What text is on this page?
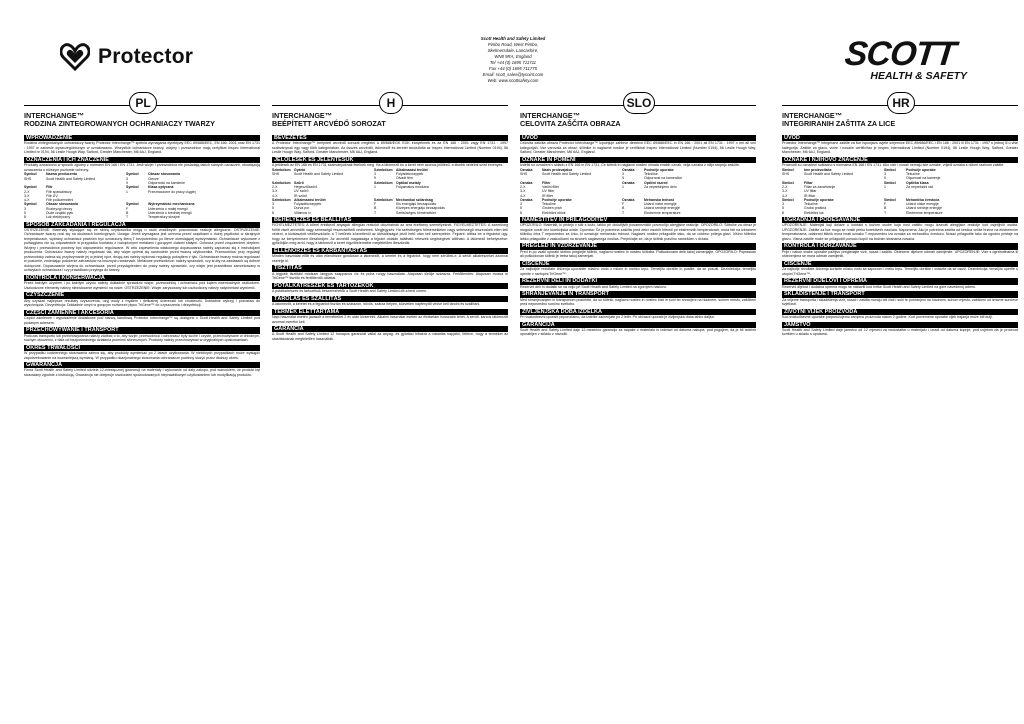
Protector
Scott Health and Safety Limited
Pimbo Road, West Pimbo,
Skelmersdale, Lancashire,
WN8 9RA, England
Tel +44 (0) 1695 711711
Fax +44 (0) 1695 711775
Email: scott_sales@tycoint.com
Web: www.scottsafety.com
SCOTT
HEALTH & SAFETY
PL
INTERCHANGE™
RODZINA ZINTEGROWANYCH OCHRANIACZY TWARZY
WPROWADZENIE
Rodzina zintegrowanych ochraniaczy twarzy Protector Interchange™ spełnia wymagania dyrektywy EEC 89/686/EEC, EN 166: 2001 oraz EN 1731 : 1997 w zakresie wyszczególnionym w oznakowaniu. Wszystkie ochraniacze twarzy, wizjery i przewodnice mają certyfikat Inspec International Limited nr 0194, 56 Leslie Hough Way, Salford, Greater Manchester, M6 6AJ, England.
OZNACZENIA I ICH ZNACZENIE
Produkty oznaczono w sposób zgodny z normami EN 166 i EN 1731. Jeśli wizjer i przewodnica nie posiadają takich samych oznaczeń, obowiązują oznaczenia o niższym poziomie ochrony.
Symbol	Nazwa producenta	Symbol	Obszar stosowania
SHS	Scott Health and Safety Limited	3	Ciecze
9	Odporność na kamienie
Symbol	Filtr	Symbol	Klasa optyczna
2-X	Filtr spawalniczy	1	Przeznaczone do pracy ciągłej
3-X	Filtr UV
4-X	Filtr podczerwieni
Symbol	Obszar stosowania	Symbol	Wytrzymałość mechaniczna
3	Rozbryzgi cieczy	F	Uderzenia o małej energii
5	Duże cząstki pyłu	B	Uderzenia o średniej energii
8	Łuk elektryczny	T	Temperatury skrajne
SPOSÓB ZAKŁADANIA I REGULACJA
OSTRZEŻENIE: Materiały stykające się ze skórą użytkownika mogą u osób wrażliwych powodować reakcje alergiczne. OSTRZEŻENIE: Ochraniacze twarzy nosi się na okularach korekcyjnych. Uwaga: Jeżeli wymagana jest ochrona przed cząstkami o dużej prędkości w skrajnych temperaturach, wybrany ochraniacz powinien być oznaczony literą T bezpośrednio po literze określającej wytrzymałość. Ochraniacze wykonane z poliwęglanu nie są odpowiednie w przypadku kontaktu z roztopionymi metalami i gorącymi ciałami stałymi. Ochrona przed zmęczeniem ciepłem: Wizjery i przewodnice powinny być odpowiednio regulowane. W celu zapewnienia właściwego dopasowania należy zapoznać się z instrukcjami producenta. Ochraniacz twarzy należy regulować tak, aby wizjer opierał się swobodnie przed twarzą użytkownika. Przewodnica: przy regulacji przewodnicy zaleca się przytrzymanie jej w jednej ręce, drugą zaś należy wykonać regulację pokrętłem z tyłu. Ochraniacze twarzy można regulować w poziomie, zmieniając położenie zatrzasków na bocznych ramionach. Metalowe przewodnice: należy sprawdzić, czy śruby na zawiasach są dobrze dokręcone. Dopasowanie wizjera do ochraniacza: przed przystąpieniem do pracy należy sprawdzić, czy wizjer jest prawidłowo zamontowany w uchwytach ochraniacza i czy prawidłowo przylega do twarzy.
KONTROLA I KONSERWACJA
Przed każdym użyciem i po każdym użyciu należy dokładnie sprawdzić wizjer, przewodnicę i ochraniacz pod kątem ewentualnych uszkodzeń. Uszkodzone elementy należy niezwłocznie wymienić na nowe. OSTRZEŻENIE: Wizjer zarysowany lub uszkodzony należy natychmiast wymienić.
CZYSZCZENIE
Aby uzyskać najlepsze rezultaty czyszczenia, użyj wody z mydłem i delikatnej ściereczki lub chusteczki. Dokładnie wytrzyj i pozostaw do wyschnięcia. Dezynfekcja: Dokładnie umyć w gorącym roztworze płynu TriGene™ do czyszczenia i dezynfekcji.
CZĘŚCI ZAMIENNE I AKCESORIA
Części zamienne i wyposażenie dodatkowe pod nazwą handlową Protector Interchange™ są dostępne u Scott Health and Safety Limited pod podanym adresem.
PRZECHOWYWANIE I TRANSPORT
Podczas transportu lub przechowywania należy zadbać o to, aby wizjer, przewodnica i ochraniacz były suche i czyste, przechowywane w chłodnym, suchym otoczeniu, z dala od bezpośredniego działania promieni słonecznych. Produkty należy przechowywać w oryginalnych opakowaniach.
OKRES TRWAŁOŚCI
W przypadku codziennego stosowania zaleca się, aby produkty wymieniać po 2 latach użytkowania. W niektórych przypadkach może wystąpić zapotrzebowanie na wcześniejszą wymianę. W przypadku okazjonalnego stosowania ochraniacze powinny służyć przez dłuższy okres.
GWARANCJA
Firma Scott Health and Safety Limited udziela 12-miesięcznej gwarancji na materiały i wykonanie od daty zakupu, pod warunkiem, że produkt był stosowany zgodnie z instrukcją. Gwarancja nie obejmuje uszkodzeń spowodowanych nieprawidłowym użytkowaniem lub modyfikacją produktu.
H
INTERCHANGE™
BEÉPÍTETT ARCVÉDŐ SOROZAT
BEVEZETÉS
A Protector Interchange™ beépített arcvédő sorozat megfelel a 89/686/EGK EGK irányelvnek és az EN 166 : 2001 vagy EN 1731 : 1997 szabványnak egy vagy több kategóriában. Az összes arcvédőt, látómezőt és keretet tanúsította az Inspec International Limited (Number 0194), 56 Leslie Hough Way, Salford, Greater Manchester, M6 6AJ, England.
JELÖLÉSEK ÉS JELENTÉSÜK
A jelölések az EN 166 és EN 1731 szabványoknak felelnek meg. Ha a látómező és a keret nem azonos jelölésű, a kisebb védelmi szint érvényes.
Szimbólum Gyártó	Szimbólum Alkalmazási terület
SHS	Scott Health and Safety Limited	3	Folyadékcseppek
9	Olvadt fém
Szimbólum Szűrő	Szimbólum Optikai osztály
2-X	Hegesztőszűrő	1	Folyamatos munkára
3-X	UV szűrő
4-X	IR szűrő
Szimbólum Alkalmazási terület	Szimbólum Mechanikai szilárdság
3	Folyadékcseppek	F	Kis energiájú becsapódás
5	Durva por	B	Közepes energiájú becsapódás
8	Villamos ív	T	Szélsőséges hőmérséklet
BEHELYEZÉS ÉS BEÁLLÍTÁS
FIGYELMEZTETÉS: A bőrrel érintkező anyagok allergiás reakciót okozhatnak az arra érzékeny személyeknél. FIGYELMEZTETÉS: A szemüveg fölött viselt arcvédők nagy sebességű részecskéktől védhetnek. Megjegyzés: Ha szélsőséges hőmérsékleten nagy sebességű részecskék ellen kell védeni, a kiválasztott védőeszközön a T betűnek közvetlenül az ütésállóságot jelző betű után kell szerepelnie. Fejpánt: állítsa be a fejpántot úgy, hogy az kényelmesen illeszkedjen. Az arcvédő magassága a fejpánt oldalán található reteszek segítségével állítható. A látómező behelyezése: győződjön meg arról, hogy a látómező a keret rögzítőelemeibe megfelelően illeszkedik.
ELLENŐRZÉS ÉS KARBANTARTÁS
Minden használat előtt és után ellenőrizze gondosan a látómezőt, a keretet és a fejpántot, hogy nem sérültek-e. A sérült alkatrészeket azonnal cserélje ki.
TISZTÍTÁS
A legjobb tisztítási módszer langyos szappanos víz és puha rongy használata. Alaposan törölje szárazra. Fertőtlenítés: Alaposan mossa le TriGene™ tisztító és fertőtlenítő oldattal.
PÓTALKATRÉSZEK ÉS TARTOZÉKOK
A pótalkatrészek és tartozékok beszerezhetők a Scott Health and Safety Limited-től a fenti címen.
TÁROLÁS ÉS SZÁLLÍTÁS
A látómezőt, a keretet és a fejpántot tisztán és szárazon, hűvös, száraz helyen, közvetlen napfénytől védve kell tárolni és szállítani.
TERMÉK ÉLETTARTAMA
Napi használat esetén javasolt a termékeket 2 év után kicserélni. Alkalmi használat esetén az élettartam hosszabb lehet. A sérült, karcos látómezőt azonnal cserélni kell.
GARANCIA
A Scott Health and Safety Limited 12 hónapos garanciát vállal az anyag- és gyártási hibákra a vásárlás napjától, feltéve, hogy a terméket az utasításoknak megfelelően használták.
SLO
INTERCHANGE™
CELOVITA ZAŠČITA OBRAZA
UVOD
Celovita zaščita obraza Protector Interchange™ izpolnjuje zahteve direktive EEC 89/686/EEC in EN 166 : 2001 ali EN 1731 : 1997 v eni ali več kategorijah. Vse varovala za obraz, ščitnike in naglavne nosilce je certificiral Inspec International Limited (Number 0194), 56 Leslie Hough Way, Salford, Greater Manchester, M6 6AJ, England.
OZNAKE IN POMENI
Izdelki so označeni v skladu z EN 166 in EN 1731. Če ščitnik in naglavni nosilec nimata enakih oznak, velja oznaka z nižjo stopnjo zaščite.
Oznaka	Naziv proizvajalca	Oznaka	Področje uporabe
SHS	Scott Health and Safety Limited	3	Tekočine
9	Odpornost na kamenčke
Oznaka	Filter	Oznaka	Optični razred
2-X	Varilni filter	1	Za neprekinjeno delo
3-X	UV filter
4-X	IR filter
Oznaka	Področje uporabe	Oznaka	Mehanska trdnost
3	Tekočine	F	Udarci nizke energije
5	Groben prah	B	Udarci srednje energije
8	Električni oblok	T	Ekstremne temperature
NAMESTITEV IN PRILAGODITEV
OPOZORILO: Materiali, ki pridejo v stik s kožo, lahko pri občutljivih posameznikih povzročijo alergijske reakcije. OPOZORILO: Ščitnike za obraz je mogoče nositi čez korekcijska očala. Opomba: Če je potrebna zaščita pred delci visokih hitrosti pri ekstremnih temperaturah, mora biti na izbranem ščitniku črka T neposredno za črko, ki označuje mehansko trdnost. Naglavni nosilec prilagodite tako, da se udobno prilega glavi. Višino ščitnika lahko prilagodite z zaskočkami na straneh naglavnega nosilca. Prepričajte se, da je ščitnik pravilno nameščen v držala.
PREGLED IN VZDRŽEVANJE
Pred in po vsaki uporabi skrbno preglejte ščitnik, naglavni nosilec in nosilec ščitnika. Poškodovane dele takoj zamenjajte. OPOZORILO: Popraskan ali poškodovan ščitnik je treba takoj zamenjati.
ČIŠČENJE
Za najboljše rezultate čiščenja uporabite mlačno vodo z milom in mehko krpo. Temeljito obrišite in pustite, da se posuši. Dezinfekcija: temeljito operite v raztopini TriGene™.
REZERVNI DELI IN DODATKI
Rezervni deli in dodatki so na voljo pri Scott Health and Safety Limited na zgornjem naslovu.
SHRANJEVANJE IN TRANSPORT
Med shranjevanjem in transportom poskrbite, da so ščitnik, naglavni nosilec in nosilec čisti in suhi ter shranjeni na hladnem, suhem mestu, zaščiteni pred neposredno sončno svetlobo.
ŽIVLJENJSKA DOBA IZDELKA
Pri vsakodnevni uporabi priporočamo, da izdelke zamenjate po 2 letih. Pri občasni uporabi je življenjska doba lahko daljša.
GARANCIJA
Scott Health and Safety Limited daje 12-mesečno garancijo za napake v materialu in izdelavi od datuma nakupa, pod pogojem, da je bil izdelek uporabljen v skladu z navodili.
HR
INTERCHANGE™
INTEGRIRANIH ZAŠTITA ZA LICE
UVOD
Protector Interchange™ integrirane zaštite za lice ispunjava uvjete smjernice EEC 89/686/EEC i EN 166 : 2001 ili EN 1731 : 1997 u jednoj ili u više kategorija. Zaštite za glavu, vizire i nosače certificirao je Inspec International Limited (Number 0194), 56 Leslie Hough Way, Salford, Greater Manchester, M6 6AJ, England.
OZNAKE I NJIHOVO ZNAČENJE
Proizvodi su označeni sukladno s normama EN 166 i EN 1731. Ako vizir i nosač nemaju iste oznake, vrijedi oznaka s nižom razinom zaštite.
Simbol	Ime proizvođača	Simbol	Područje uporabe
SHS	Scott Health and Safety Limited	3	Tekućine
9	Otpornost na kamenje
Simbol	Filtar	Simbol	Optička klasa
2-X	Filtar za zavarivanje	1	Za neprekidni rad
3-X	UV filtar
4-X	IR filtar
Simbol	Područje uporabe	Simbol	Mehanička čvrstoća
3	Tekućine	F	Udarci niske energije
5	Gruba prašina	B	Udarci srednje energije
8	Električni luk	T	Ekstremne temperature
UGRADNJA I PODEŠAVANJE
UPOZORENJE: Materijali koji dolaze u kontakt s kožom osobe koja nosi zaštitu mogu izazvati alergijske reakcije kod osjetljivih osoba. UPOZORENJE: Zaštite za lice mogu se nositi preko korektivnih naočala. Napomena: Ako je potrebna zaštita od čestica velike brzine na ekstremnim temperaturama, odabrani štitnik mora imati oznaku T neposredno iza oznake za mehaničku čvrstoću. Nosač prilagodite tako da ugodno pristaje na glavu. Visina zaštite može se prilagoditi pomoću kopči na bočnim stranama nosača.
KONTROLA I ODRŽAVANJE
Prije i nakon svake uporabe pažljivo pregledajte vizir, nosač i zaštitu. Oštećene dijelove odmah zamijenite. UPOZORENJE: Vizir s ogrebotinama ili oštećenjima se mora odmah zamijeniti.
ČIŠĆENJE
Za najbolje rezultate čišćenja koristite mlaku vodu sa sapunom i meku krpu. Temeljito obrišite i ostavite da se osuši. Dezinfekcija: temeljito operite u otopini TriGene™.
REZERVNI DIJELOVI I OPREMA
Rezervni dijelovi i dodatna oprema mogu se nabaviti kod tvrtke Scott Health and Safety Limited na gore navedenoj adresi.
SKLADIŠTENJE I TRANSPORT
Za vrijeme transporta i skladištenja vizir, nosač i zaštita moraju biti čisti i suhi te pohranjeni na hladnom, suhom mjestu, zaštićeni od izravne sunčeve svjetlosti.
ŽIVOTNI VIJEK PROIZVODA
Kod svakodnevne uporabe preporučujemo zamjenu proizvoda nakon 2 godine. Kod povremene uporabe vijek trajanja može biti dulji.
JAMSTVO
Scott Health and Safety Limited daje jamstvo od 12 mjeseci za nedostatke u materijalu i izradi od datuma kupnje, pod uvjetom da je proizvod korišten u skladu s uputama.
